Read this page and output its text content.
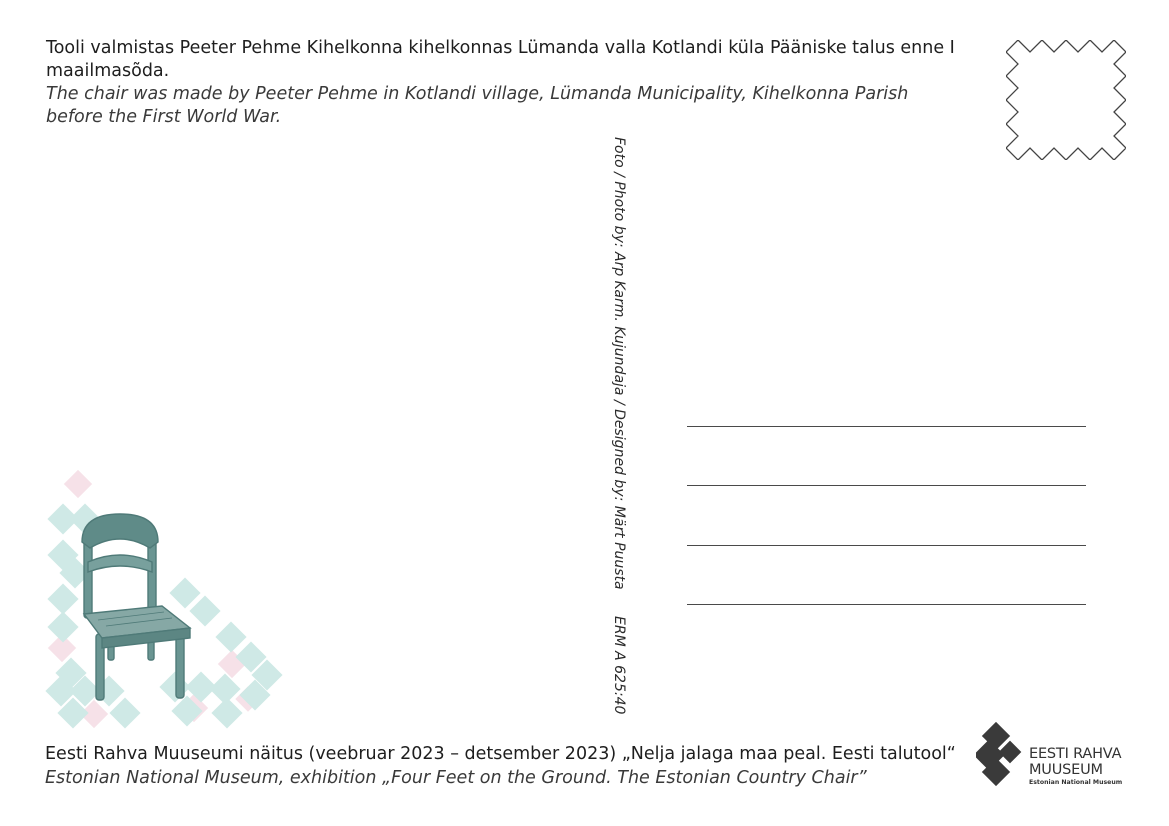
Tooli valmistas Peeter Pehme Kihelkonna kihelkonnas Lümanda valla Kotlandi küla Pääniske talus enne I maailmasõda.
The chair was made by Peeter Pehme in Kotlandi village, Lümanda Municipality, Kihelkonna Parish before the First World War.
Foto / Photo by: Arp Karm. Kujundaja / Designed by: Märt Puusta ERM A 625:40
Eesti Rahva Muuseumi näitus (veebruar 2023 – detsember 2023) „Nelja jalaga maa peal. Eesti talutool“
Estonian National Museum, exhibition „Four Feet on the Ground. The Estonian Country Chair”
EESTI RAHVA
MUUSEUM
Estonian National Museum
